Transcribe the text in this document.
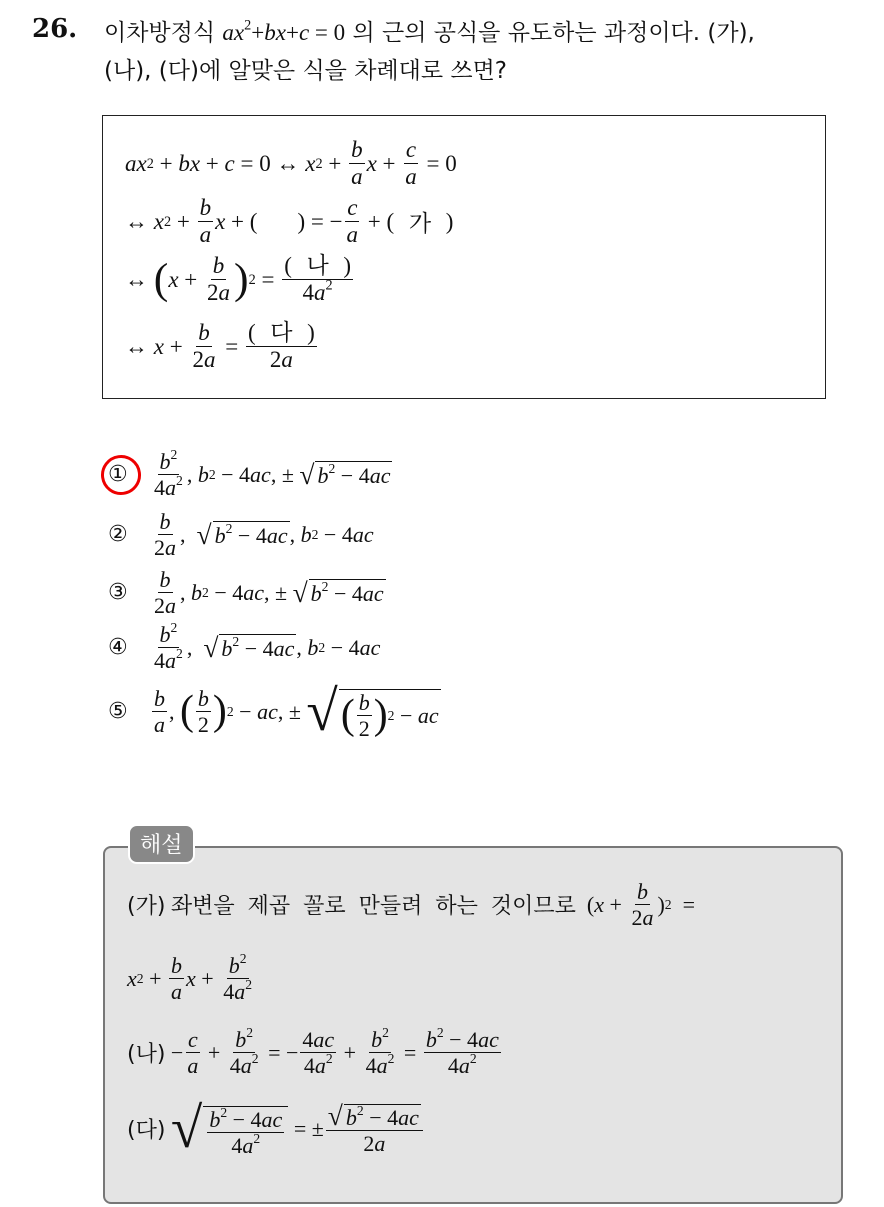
26. 이차방정식 $ax^2+bx+c = 0$ 의 근의 공식을 유도하는 과정이다. (가),
(나), (다)에 알맞은 식을 차례대로 쓰면?
ax 2 + bx + c = 0 ↔ x $2 + \frac{b}{a}$ $x + \frac{c}{a} = 0$
↔ x $2 + \frac{b}{a}$ x + ( ) = − $\frac{c}{a}$ + ( 가 )
↔ ( $x + \frac{b}{2a}$ ) $2 = \frac{\text{( 나 )}}{4a^2}$
↔ $x + \frac{b}{2a} = \frac{\text{( 다 )}}{2a}$
①	$\frac{b^2}{4a^2}$ , b 2 − 4 ac , ± √ $b^2 - 4ac$
②	$\frac{b}{2a}$ , √ $b^2 - 4ac$ , b 2 − 4 ac
③	$\frac{b}{2a}$ , b 2 − 4 ac , ± √ $b^2 - 4ac$
④	$\frac{b^2}{4a^2}$ , √ $b^2 - 4ac$ , b 2 − 4 ac
⑤	$\frac{b}{a}$ , ( $\frac{b}{2}$ ) 2 − ac , ± √ ( $\frac{b}{2}$ ) 2 − ac
(가)
좌변을 제곱 꼴로 만들려 하는 것이므로 ( $x + \frac{b}{2a}$ ) 2 =
x $2 + \frac{b}{a}$ $x + \frac{b^2}{4a^2}$
(나) − $\frac{c}{a} + \frac{b^2}{4a^2}$ = − $\frac{4ac}{4a^2} + \frac{b^2}{4a^2} = \frac{b^2 - 4ac}{4a^2}$
(다)
√ $\frac{b^2 - 4ac}{4a^2}$ = ± $\frac{√ b^2 - 4ac}{2a}$
해설
